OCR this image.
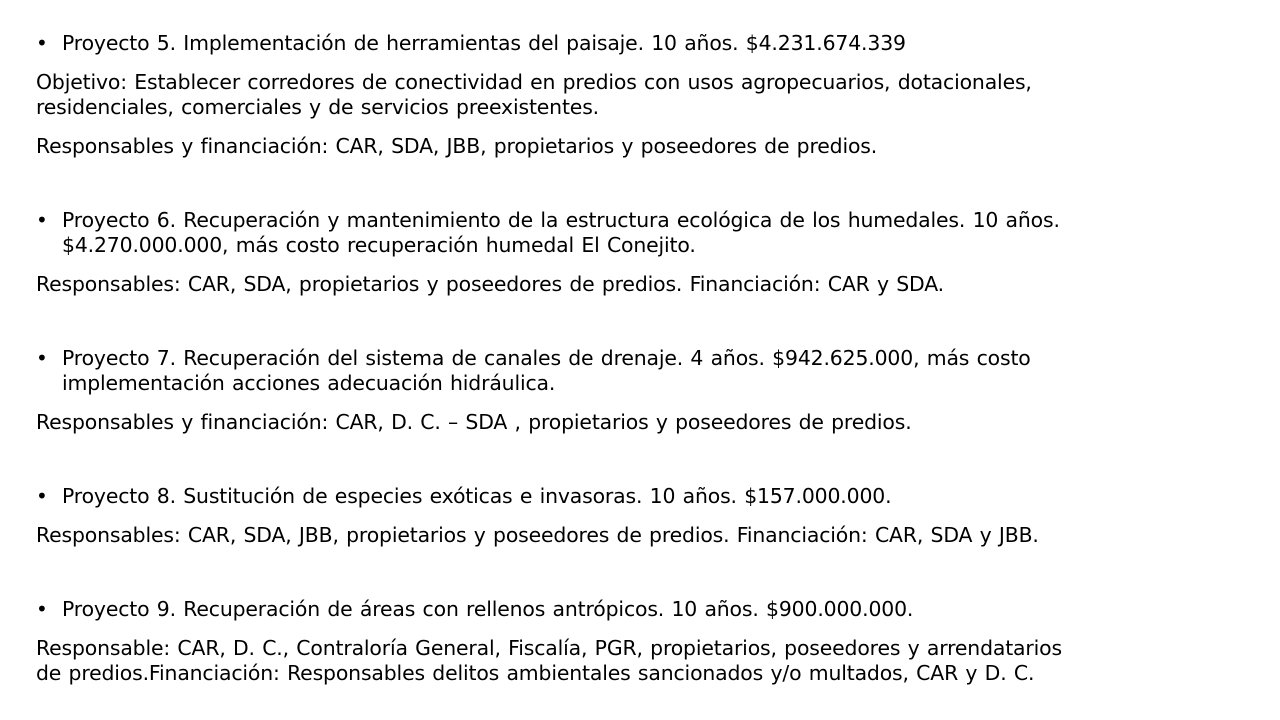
• Proyecto 5. Implementación de herramientas del paisaje. 10 años. $4.231.674.339
Objetivo: Establecer corredores de conectividad en predios con usos agropecuarios, dotacionales,
residenciales, comerciales y de servicios preexistentes.
Responsables y financiación: CAR, SDA, JBB, propietarios y poseedores de predios.
• Proyecto 6. Recuperación y mantenimiento de la estructura ecológica de los humedales. 10 años.
$4.270.000.000, más costo recuperación humedal El Conejito.
Responsables: CAR, SDA, propietarios y poseedores de predios. Financiación: CAR y SDA.
• Proyecto 7. Recuperación del sistema de canales de drenaje. 4 años. $942.625.000, más costo
implementación acciones adecuación hidráulica.
Responsables y financiación: CAR, D. C. – SDA , propietarios y poseedores de predios.
• Proyecto 8. Sustitución de especies exóticas e invasoras. 10 años. $157.000.000.
Responsables: CAR, SDA, JBB, propietarios y poseedores de predios. Financiación: CAR, SDA y JBB.
• Proyecto 9. Recuperación de áreas con rellenos antrópicos. 10 años. $900.000.000.
Responsable: CAR, D. C., Contraloría General, Fiscalía, PGR, propietarios, poseedores y arrendatarios
de predios.Financiación: Responsables delitos ambientales sancionados y/o multados, CAR y D. C.
